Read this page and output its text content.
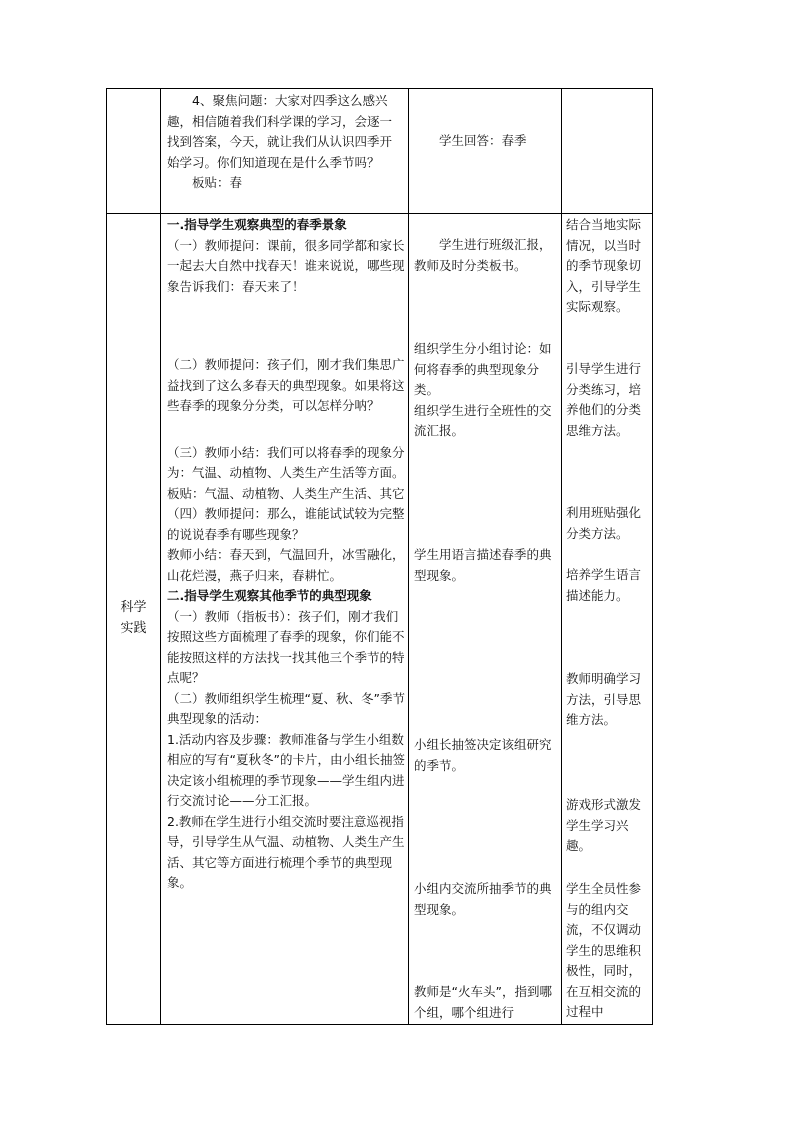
4、聚焦问题：大家对四季这么感兴趣，相信随着我们科学课的学习，会逐一找到答案，今天，就让我们从认识四季开始学习。你们知道现在是什么季节吗？

板贴：春

学生回答：春季

科学
实践

一.指导学生观察典型的春季景象

（一）教师提问：课前，很多同学都和家长一起去大自然中找春天！谁来说说，哪些现象告诉我们：春天来了！

（二）教师提问：孩子们，刚才我们集思广益找到了这么多春天的典型现象。如果将这些春季的现象分分类，可以怎样分呐？

（三）教师小结：我们可以将春季的现象分为：气温、动植物、人类生产生活等方面。

板贴：气温、动植物、人类生产生活、其它

（四）教师提问：那么，谁能试试较为完整的说说春季有哪些现象？

教师小结：春天到，气温回升，冰雪融化，山花烂漫，燕子归来，春耕忙。

二.指导学生观察其他季节的典型现象

（一）教师（指板书）：孩子们，刚才我们按照这些方面梳理了春季的现象，你们能不能按照这样的方法找一找其他三个季节的特点呢？

（二）教师组织学生梳理“夏、秋、冬”季节典型现象的活动：

1.活动内容及步骤：教师准备与学生小组数相应的写有“夏秋冬”的卡片，由小组长抽签决定该小组梳理的季节现象——学生组内进行交流讨论——分工汇报。

2.教师在学生进行小组交流时要注意巡视指导，引导学生从气温、动植物、人类生产生活、其它等方面进行梳理个季节的典型现象。

学生进行班级汇报，教师及时分类板书。

组织学生分小组讨论：如何将春季的典型现象分类。

组织学生进行全班性的交流汇报。

学生用语言描述春季的典型现象。

小组长抽签决定该组研究的季节。

小组内交流所抽季节的典型现象。

教师是“火车头”，指到哪个组，哪个组进行

结合当地实际情况，以当时的季节现象切入，引导学生实际观察。

引导学生进行分类练习，培养他们的分类思维方法。

利用班贴强化分类方法。

培养学生语言描述能力。

教师明确学习方法，引导思维方法。

游戏形式激发学生学习兴趣。

学生全员性参与的组内交流，不仅调动学生的思维积极性，同时，在互相交流的过程中
